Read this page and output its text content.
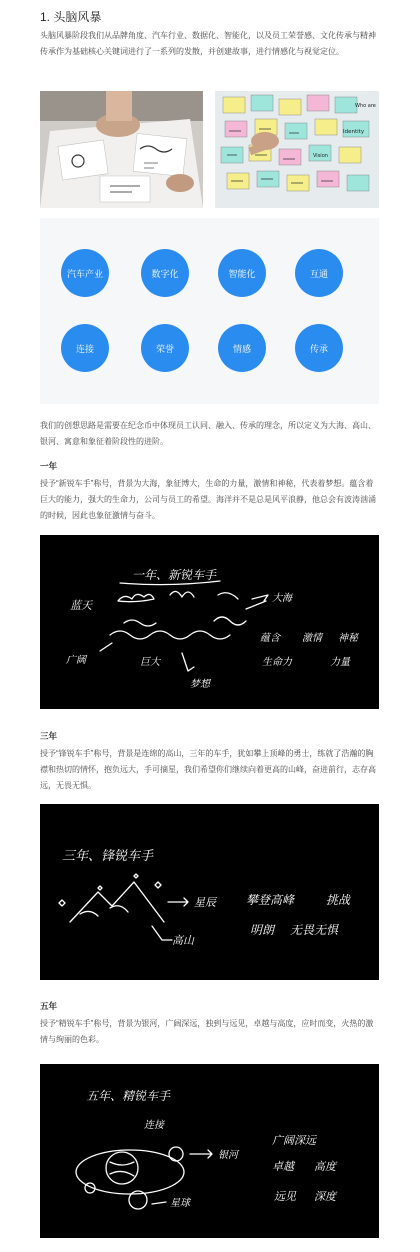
1. 头脑风暴
头脑风暴阶段我们从品牌角度、汽车行业、数据化、智能化，以及员工荣誉感、文化传承与精神传承作为基础核心关键词进行了一系列的发散，并创建故事，进行情感化与视觉定位。
Who are
Identity
Vision
汽车产业	数字化	智能化	互通
连接	荣誉	情感	传承
我们的创想思路是需要在纪念币中体现员工认同、融入、传承的理念，所以定义为大海、高山、银河、寓意和象征着阶段性的进阶。
一年
授予“新锐车手”称号，背景为大海，象征博大，生命的力量，激情和神秘，代表着梦想。蕴含着巨大的能力，强大的生命力，公司与员工的希望。海洋并不是总是风平浪静，他总会有波涛汹涌的时候，因此也象征激情与奋斗。
一年、新锐车手
蓝天
大海
广阔	巨大
梦想
蕴含 激情 神秘
生命力	力量
三年
授予“锋锐车手”称号，背景是连绵的高山，三年的车手，犹如攀上顶峰的勇士，练就了浩瀚的胸襟和热切的情怀，抱负远大，手可摘星，我们希望你们继续向着更高的山峰，奋进前行，志存高远，无畏无惧。
三年、锋锐车手
星辰
高山
攀登高峰	挑战
明朗 无畏无惧
五年
授予“精锐车手”称号，背景为银河，广阔深远，独到与远见，卓越与高度，应时而变，火热的激情与绚丽的色彩。
五年、精锐车手
连接
银河
星球
广阔深远
卓越 高度
远见 深度
